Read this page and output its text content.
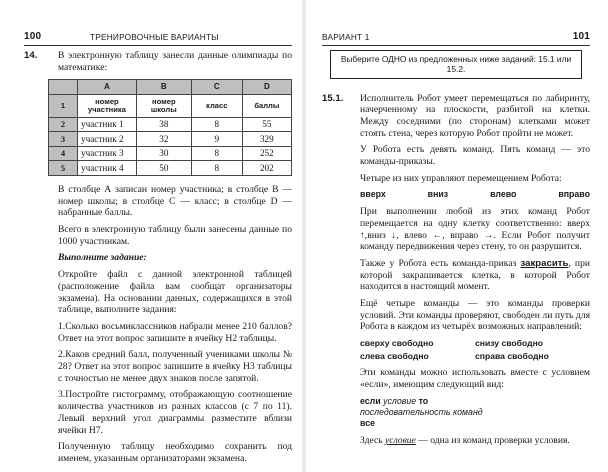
100	ТРЕНИРОВОЧНЫЕ ВАРИАНТЫ
14. В электронную таблицу занесли данные олимпиады по математике:

	A	B	C	D
1	номер участника	номер школы	класс	баллы
2	участник 1	38	8	55
3	участник 2	32	9	329
4	участник 3	30	8	252
5	участник 4	50	8	202

В столбце А записан номер участника; в столбце В — номер школы; в столбце С — класс; в столбце D — набранные баллы.

Всего в электронную таблицу были занесены данные по 1000 участникам.

Выполните задание:

Откройте файл с данной электронной таблицей (расположение файла вам сообщат организаторы экзамена). На основании данных, содержащихся в этой таблице, выполните задания:

1.Сколько восьмиклассников набрали менее 210 баллов? Ответ на этот вопрос запишите в ячейку H2 таблицы.

2.Каков средний балл, полученный учениками школы № 28? Ответ на этот вопрос запишите в ячейку H3 таблицы с точностью не менее двух знаков после запятой.

3.Постройте гистограмму, отображающую соотношение количества участников из разных классов (с 7 по 11). Левый верхний угол диаграммы разместите вблизи ячейки H7.

Полученную таблицу необходимо сохранить под именем, указанным организаторами экзамена.

ВАРИАНТ 1	101
Выберите ОДНО из предложенных ниже заданий: 15.1 или 15.2.
15.1. Исполнитель Робот умеет перемещаться по лабиринту, начерченному на плоскости, разбитой на клетки. Между соседними (по сторонам) клетками может стоять стена, через которую Робот пройти не может.

У Робота есть девять команд. Пять команд — это команды-приказы.

Четыре из них управляют перемещением Робота:

вверх	вниз	влево	вправо

При выполнении любой из этих команд Робот перемещается на одну клетку соответственно: вверх ↑,вниз ↓, влево ←, вправо →. Если Робот получит команду передвижения через стену, то он разрушится.

Также у Робота есть команда-приказ закрасить, при которой закрашивается клетка, в которой Робот находится в настоящий момент.

Ещё четыре команды — это команды проверки условий. Эти команды проверяют, свободен ли путь для Робота в каждом из четырёх возможных направлений:

сверху свободно	снизу свободно
слева свободно	справа свободно

Эти команды можно использовать вместе с условием «если», имеющим следующий вид:

если условие то
последовательность команд
все

Здесь условие — одна из команд проверки условия.
